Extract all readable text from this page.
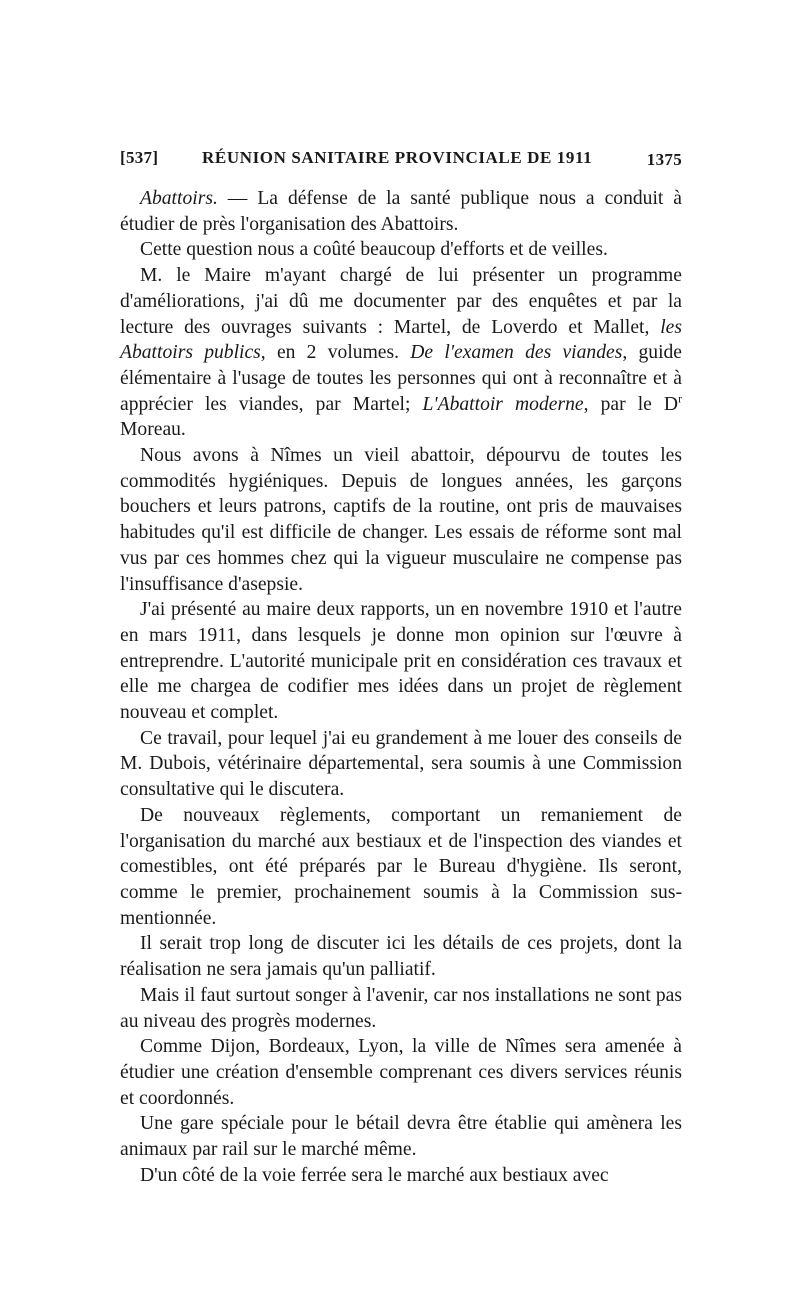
[537]	RÉUNION SANITAIRE PROVINCIALE DE 1911	1375

Abattoirs. — La défense de la santé publique nous a conduit à étudier de près l'organisation des Abattoirs.

Cette question nous a coûté beaucoup d'efforts et de veilles.

M. le Maire m'ayant chargé de lui présenter un programme d'améliorations, j'ai dû me documenter par des enquêtes et par la lecture des ouvrages suivants : Martel, de Loverdo et Mallet, les Abattoirs publics, en 2 volumes. De l'examen des viandes, guide élémentaire à l'usage de toutes les personnes qui ont à reconnaître et à apprécier les viandes, par Martel; L'Abattoir moderne, par le $D^r$ Moreau.

Nous avons à Nîmes un vieil abattoir, dépourvu de toutes les commodités hygiéniques. Depuis de longues années, les garçons bouchers et leurs patrons, captifs de la routine, ont pris de mauvaises habitudes qu'il est difficile de changer. Les essais de réforme sont mal vus par ces hommes chez qui la vigueur musculaire ne compense pas l'insuffisance d'asepsie.

J'ai présenté au maire deux rapports, un en novembre 1910 et l'autre en mars 1911, dans lesquels je donne mon opinion sur l'œuvre à entreprendre. L'autorité municipale prit en considération ces travaux et elle me chargea de codifier mes idées dans un projet de règlement nouveau et complet.

Ce travail, pour lequel j'ai eu grandement à me louer des conseils de M. Dubois, vétérinaire départemental, sera soumis à une Commission consultative qui le discutera.

De nouveaux règlements, comportant un remaniement de l'organisation du marché aux bestiaux et de l'inspection des viandes et comestibles, ont été préparés par le Bureau d'hygiène. Ils seront, comme le premier, prochainement soumis à la Commission sus-mentionnée.

Il serait trop long de discuter ici les détails de ces projets, dont la réalisation ne sera jamais qu'un palliatif.

Mais il faut surtout songer à l'avenir, car nos installations ne sont pas au niveau des progrès modernes.

Comme Dijon, Bordeaux, Lyon, la ville de Nîmes sera amenée à étudier une création d'ensemble comprenant ces divers services réunis et coordonnés.

Une gare spéciale pour le bétail devra être établie qui amènera les animaux par rail sur le marché même.

D'un côté de la voie ferrée sera le marché aux bestiaux avec
